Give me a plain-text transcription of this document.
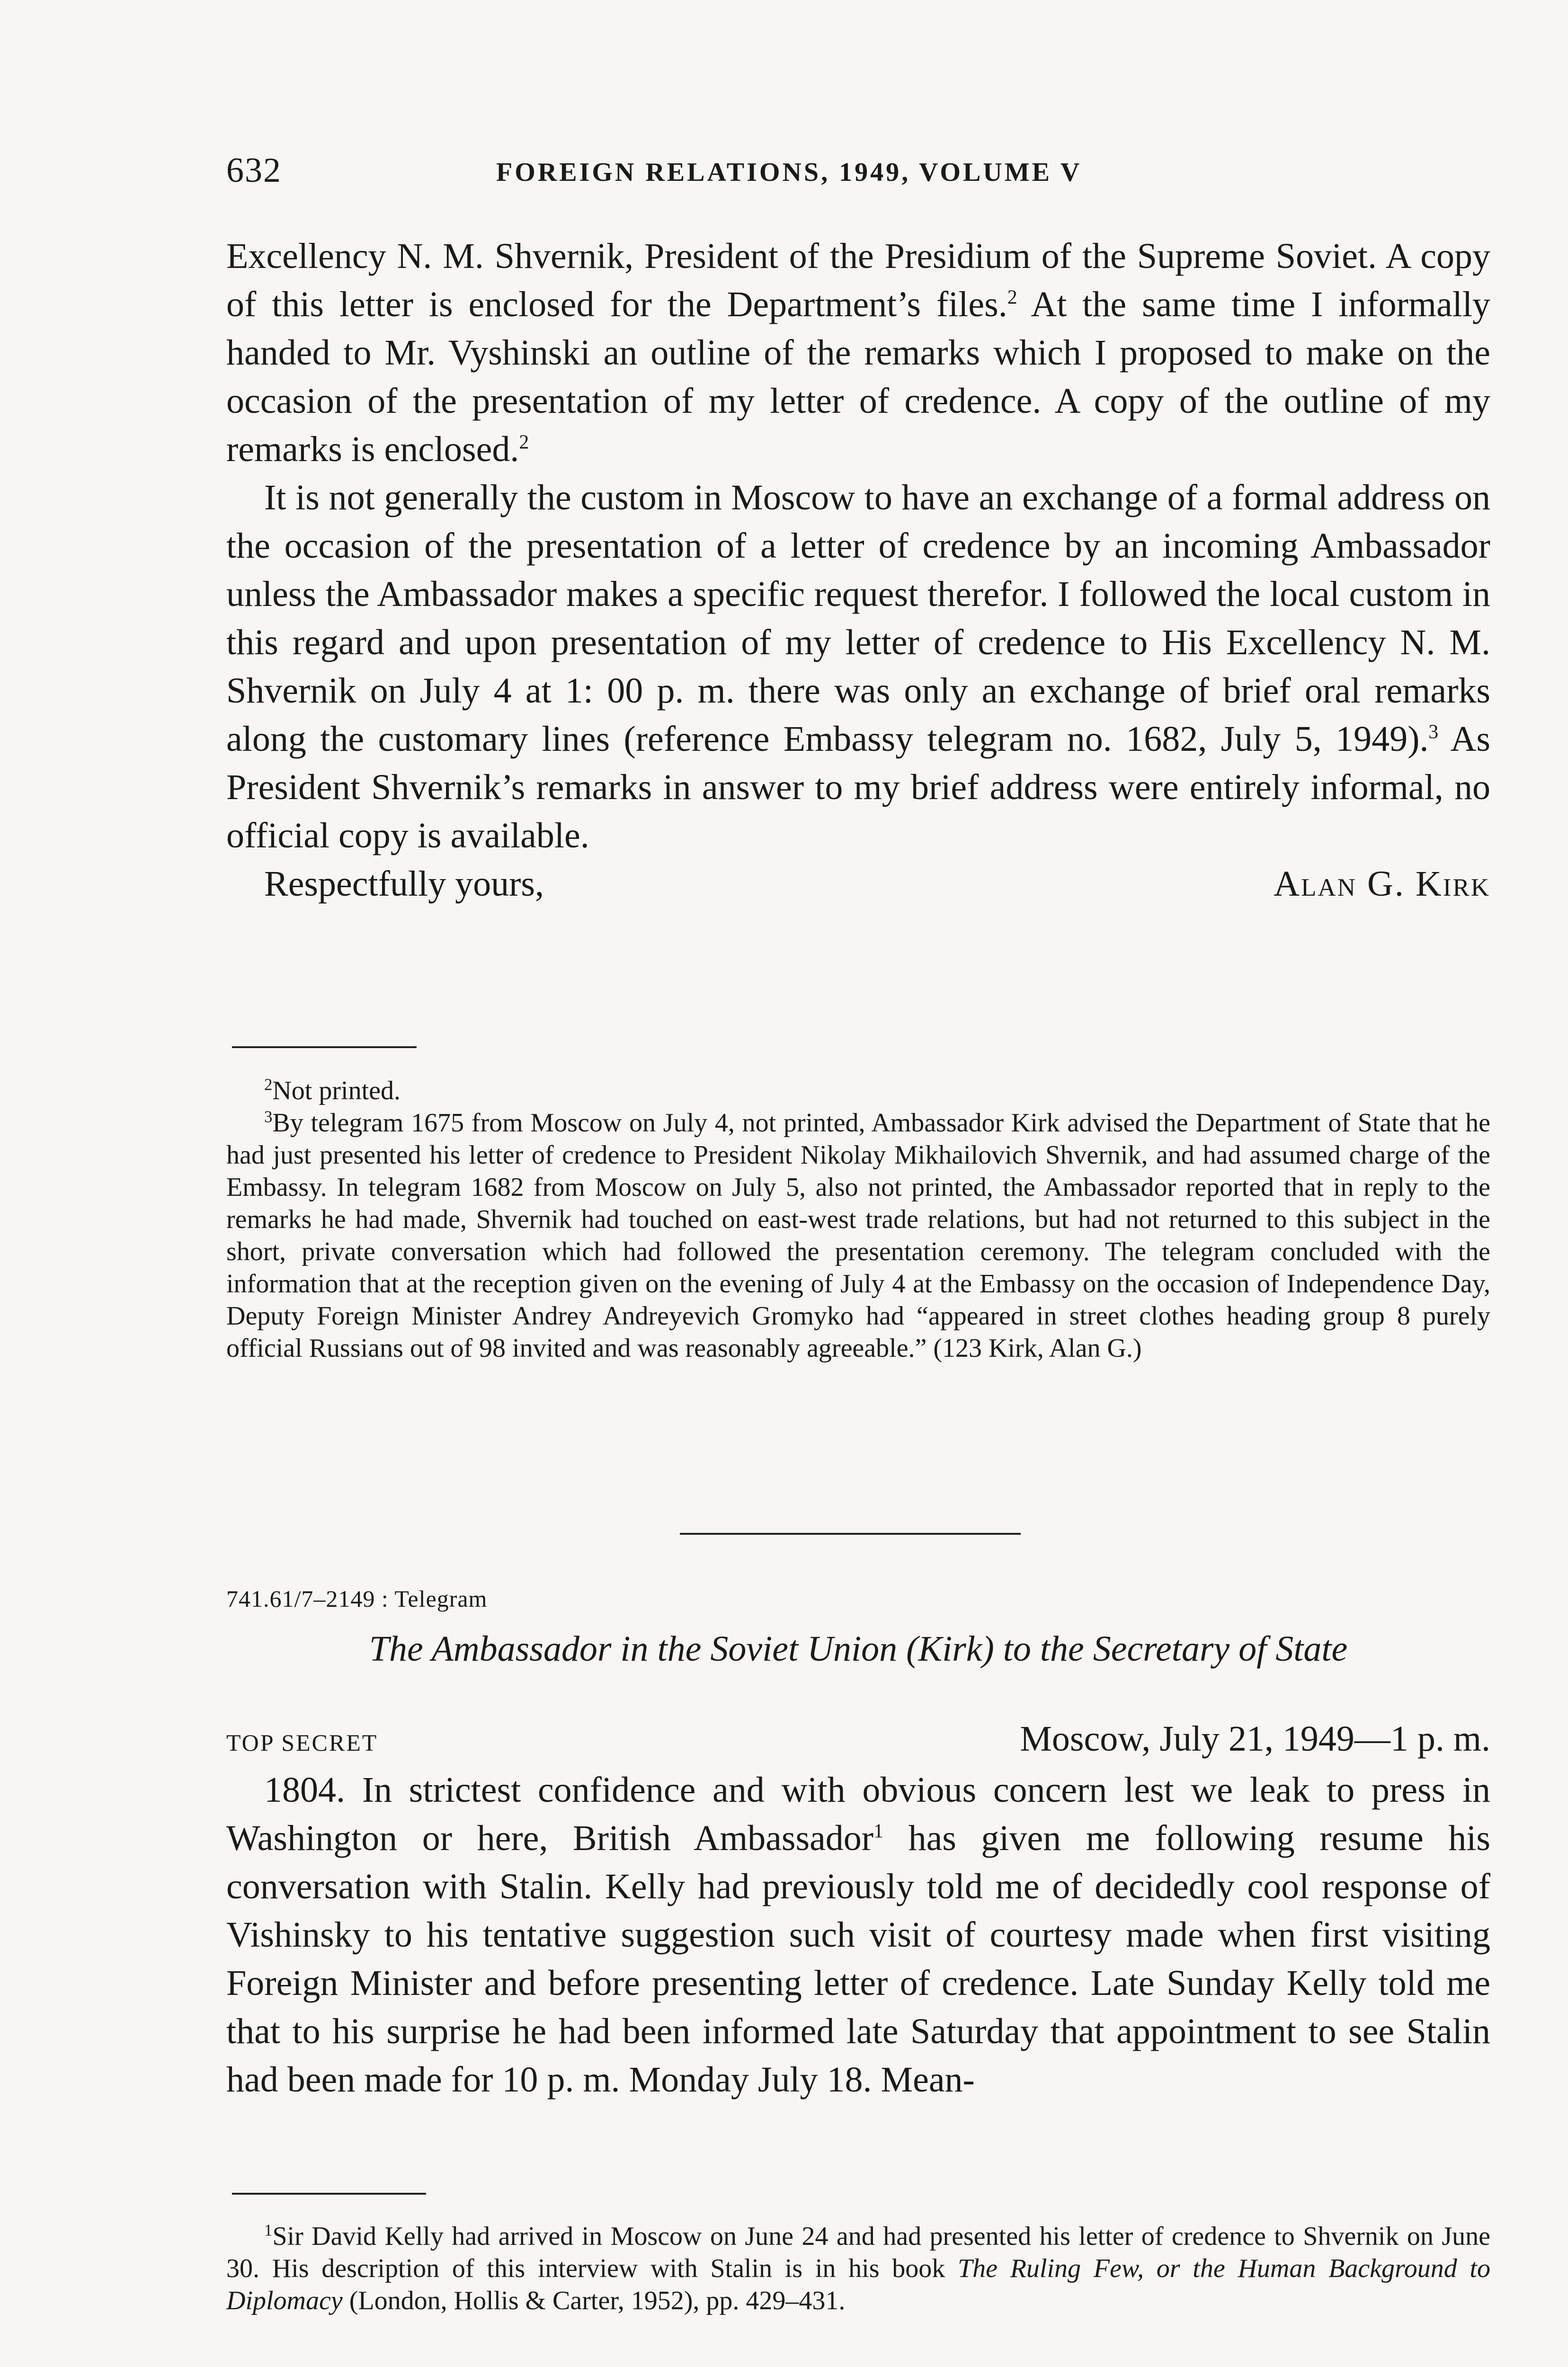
632	FOREIGN RELATIONS, 1949, VOLUME V

Excellency N. M. Shvernik, President of the Presidium of the Supreme Soviet. A copy of this letter is enclosed for the Department’s files.$^2$ At the same time I informally handed to Mr. Vyshinski an outline of the remarks which I proposed to make on the occasion of the presentation of my letter of credence. A copy of the outline of my remarks is enclosed.$^2$

It is not generally the custom in Moscow to have an exchange of a formal address on the occasion of the presentation of a letter of credence by an incoming Ambassador unless the Ambassador makes a specific request therefor. I followed the local custom in this regard and upon presentation of my letter of credence to His Excellency N. M. Shvernik on July 4 at 1: 00 p. m. there was only an exchange of brief oral remarks along the customary lines (reference Embassy telegram no. 1682, July 5, 1949).$^3$ As President Shvernik’s remarks in answer to my brief address were entirely informal, no official copy is available.

Respectfully yours,	Alan G. Kirk

$^2$Not printed.

$^3$By telegram 1675 from Moscow on July 4, not printed, Ambassador Kirk advised the Department of State that he had just presented his letter of credence to President Nikolay Mikhailovich Shvernik, and had assumed charge of the Embassy. In telegram 1682 from Moscow on July 5, also not printed, the Ambassador reported that in reply to the remarks he had made, Shvernik had touched on east-west trade relations, but had not returned to this subject in the short, private conversation which had followed the presentation ceremony. The telegram concluded with the information that at the reception given on the evening of July 4 at the Embassy on the occasion of Independence Day, Deputy Foreign Minister Andrey Andreyevich Gromyko had “appeared in street clothes heading group 8 purely official Russians out of 98 invited and was reasonably agreeable.” (123 Kirk, Alan G.)

741.61/7–2149 : Telegram
The Ambassador in the Soviet Union (Kirk) to the Secretary of State
TOP SECRET	Moscow, July 21, 1949—1 p. m.

1804. In strictest confidence and with obvious concern lest we leak to press in Washington or here, British Ambassador$^1$ has given me following resume his conversation with Stalin. Kelly had previously told me of decidedly cool response of Vishinsky to his tentative suggestion such visit of courtesy made when first visiting Foreign Minister and before presenting letter of credence. Late Sunday Kelly told me that to his surprise he had been informed late Saturday that appointment to see Stalin had been made for 10 p. m. Monday July 18. Mean-

$^1$Sir David Kelly had arrived in Moscow on June 24 and had presented his letter of credence to Shvernik on June 30. His description of this interview with Stalin is in his book The Ruling Few, or the Human Background to Diplomacy (London, Hollis & Carter, 1952), pp. 429–431.
